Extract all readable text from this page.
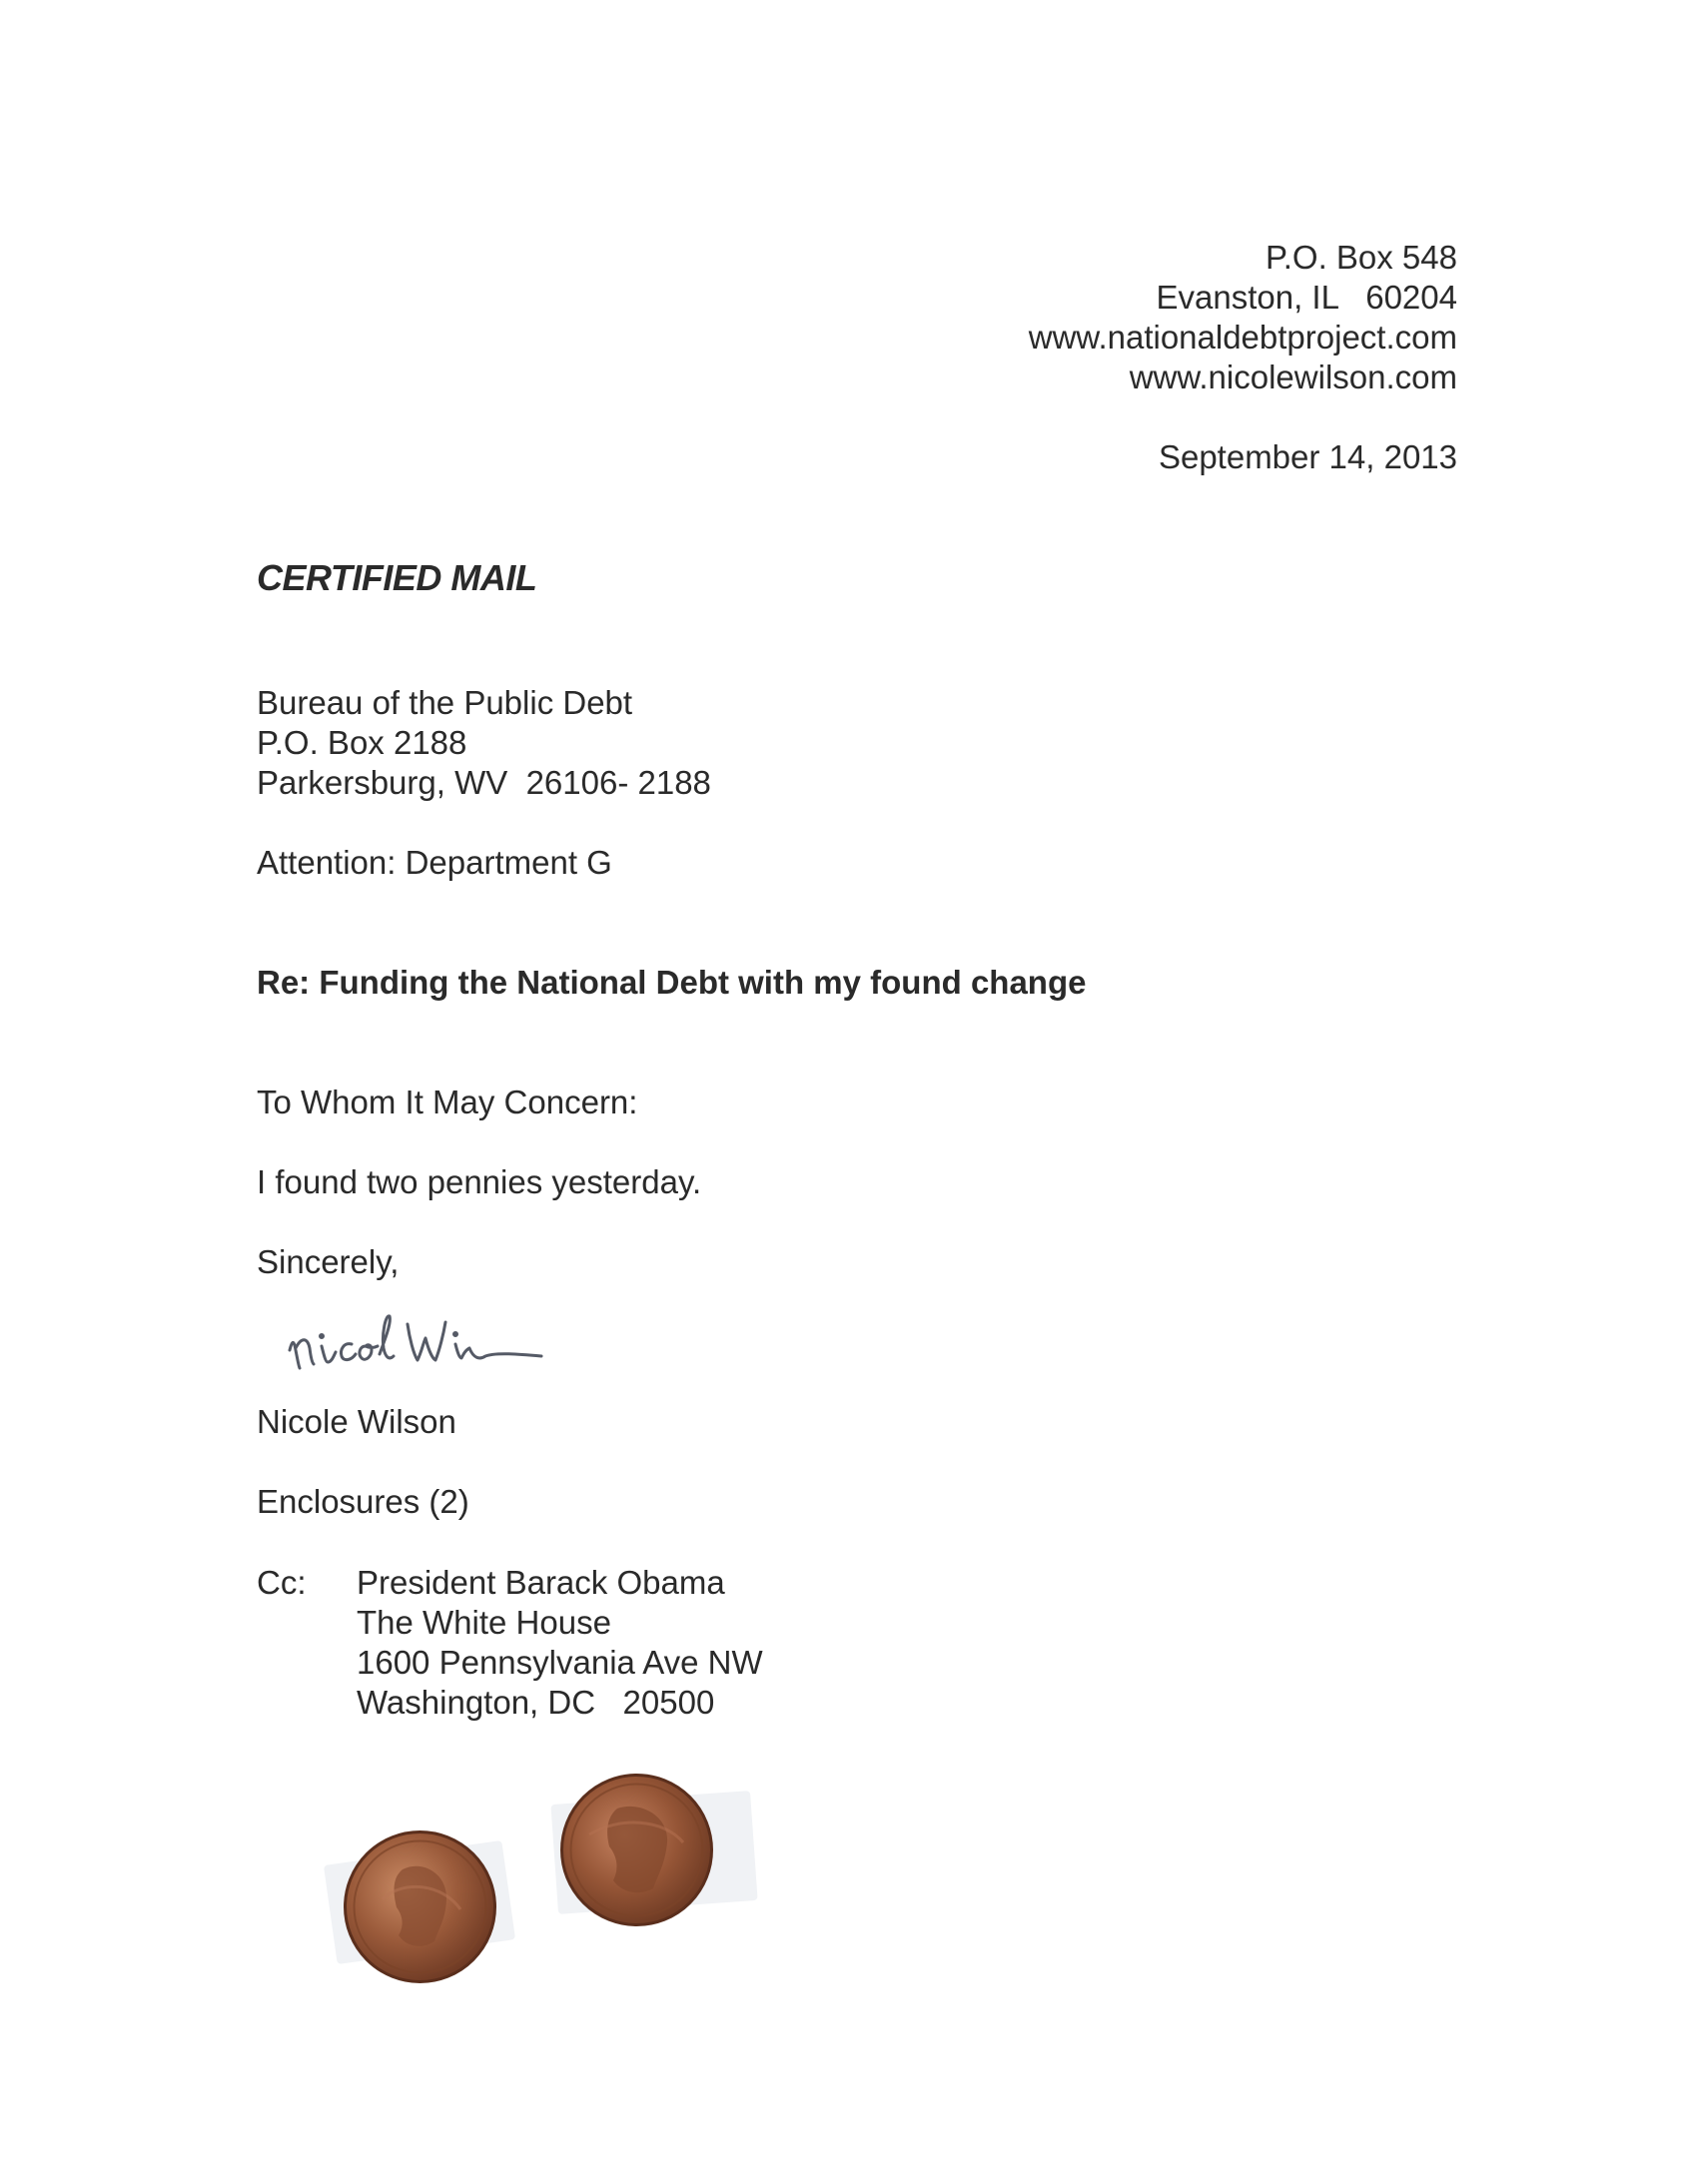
P.O. Box 548
Evanston, IL   60204
www.nationaldebtproject.com
www.nicolewilson.com
September 14, 2013
CERTIFIED MAIL
Bureau of the Public Debt
P.O. Box 2188
Parkersburg, WV  26106- 2188
Attention: Department G
Re: Funding the National Debt with my found change
To Whom It May Concern:
I found two pennies yesterday.
Sincerely,
Nicole Wilson
Enclosures (2)
Cc: President Barack Obama
The White House
1600 Pennsylvania Ave NW
Washington, DC   20500
